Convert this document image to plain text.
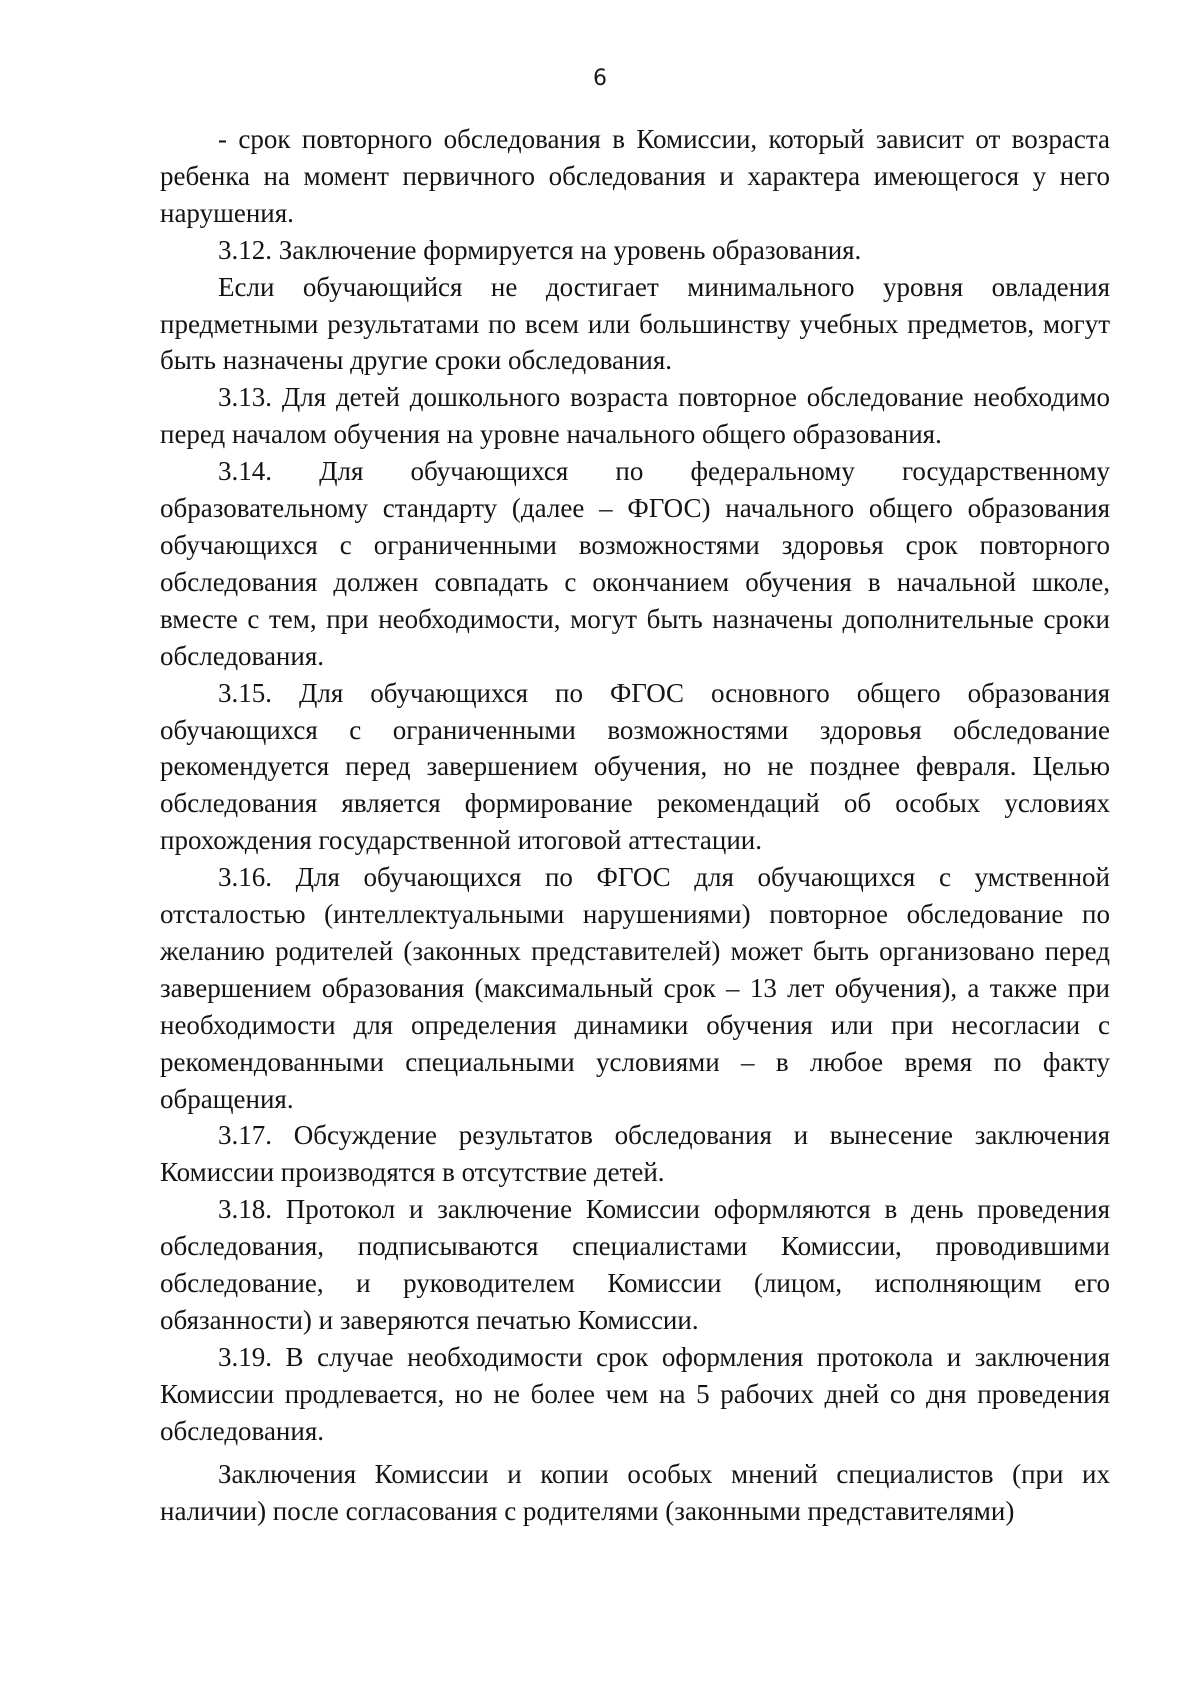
6

- срок повторного обследования в Комиссии, который зависит от возраста ребенка на момент первичного обследования и характера имеющегося у него нарушения.

3.12. Заключение формируется на уровень образования.

Если обучающийся не достигает минимального уровня овладения предметными результатами по всем или большинству учебных предметов, могут быть назначены другие сроки обследования.

3.13. Для детей дошкольного возраста повторное обследование необходимо перед началом обучения на уровне начального общего образования.

3.14. Для обучающихся по федеральному государственному образовательному стандарту (далее – ФГОС) начального общего образования обучающихся с ограниченными возможностями здоровья срок повторного обследования должен совпадать с окончанием обучения в начальной школе, вместе с тем, при необходимости, могут быть назначены дополнительные сроки обследования.

3.15. Для обучающихся по ФГОС основного общего образования обучающихся с ограниченными возможностями здоровья обследование рекомендуется перед завершением обучения, но не позднее февраля. Целью обследования является формирование рекомендаций об особых условиях прохождения государственной итоговой аттестации.

3.16. Для обучающихся по ФГОС для обучающихся с умственной отсталостью (интеллектуальными нарушениями) повторное обследование по желанию родителей (законных представителей) может быть организовано перед завершением образования (максимальный срок – 13 лет обучения), а также при необходимости для определения динамики обучения или при несогласии с рекомендованными специальными условиями – в любое время по факту обращения.

3.17. Обсуждение результатов обследования и вынесение заключения Комиссии производятся в отсутствие детей.

3.18. Протокол и заключение Комиссии оформляются в день проведения обследования, подписываются специалистами Комиссии, проводившими обследование, и руководителем Комиссии (лицом, исполняющим его обязанности) и заверяются печатью Комиссии.

3.19. В случае необходимости срок оформления протокола и заключения Комиссии продлевается, но не более чем на 5 рабочих дней со дня проведения обследования.

Заключения Комиссии и копии особых мнений специалистов (при их наличии) после согласования с родителями (законными представителями)
